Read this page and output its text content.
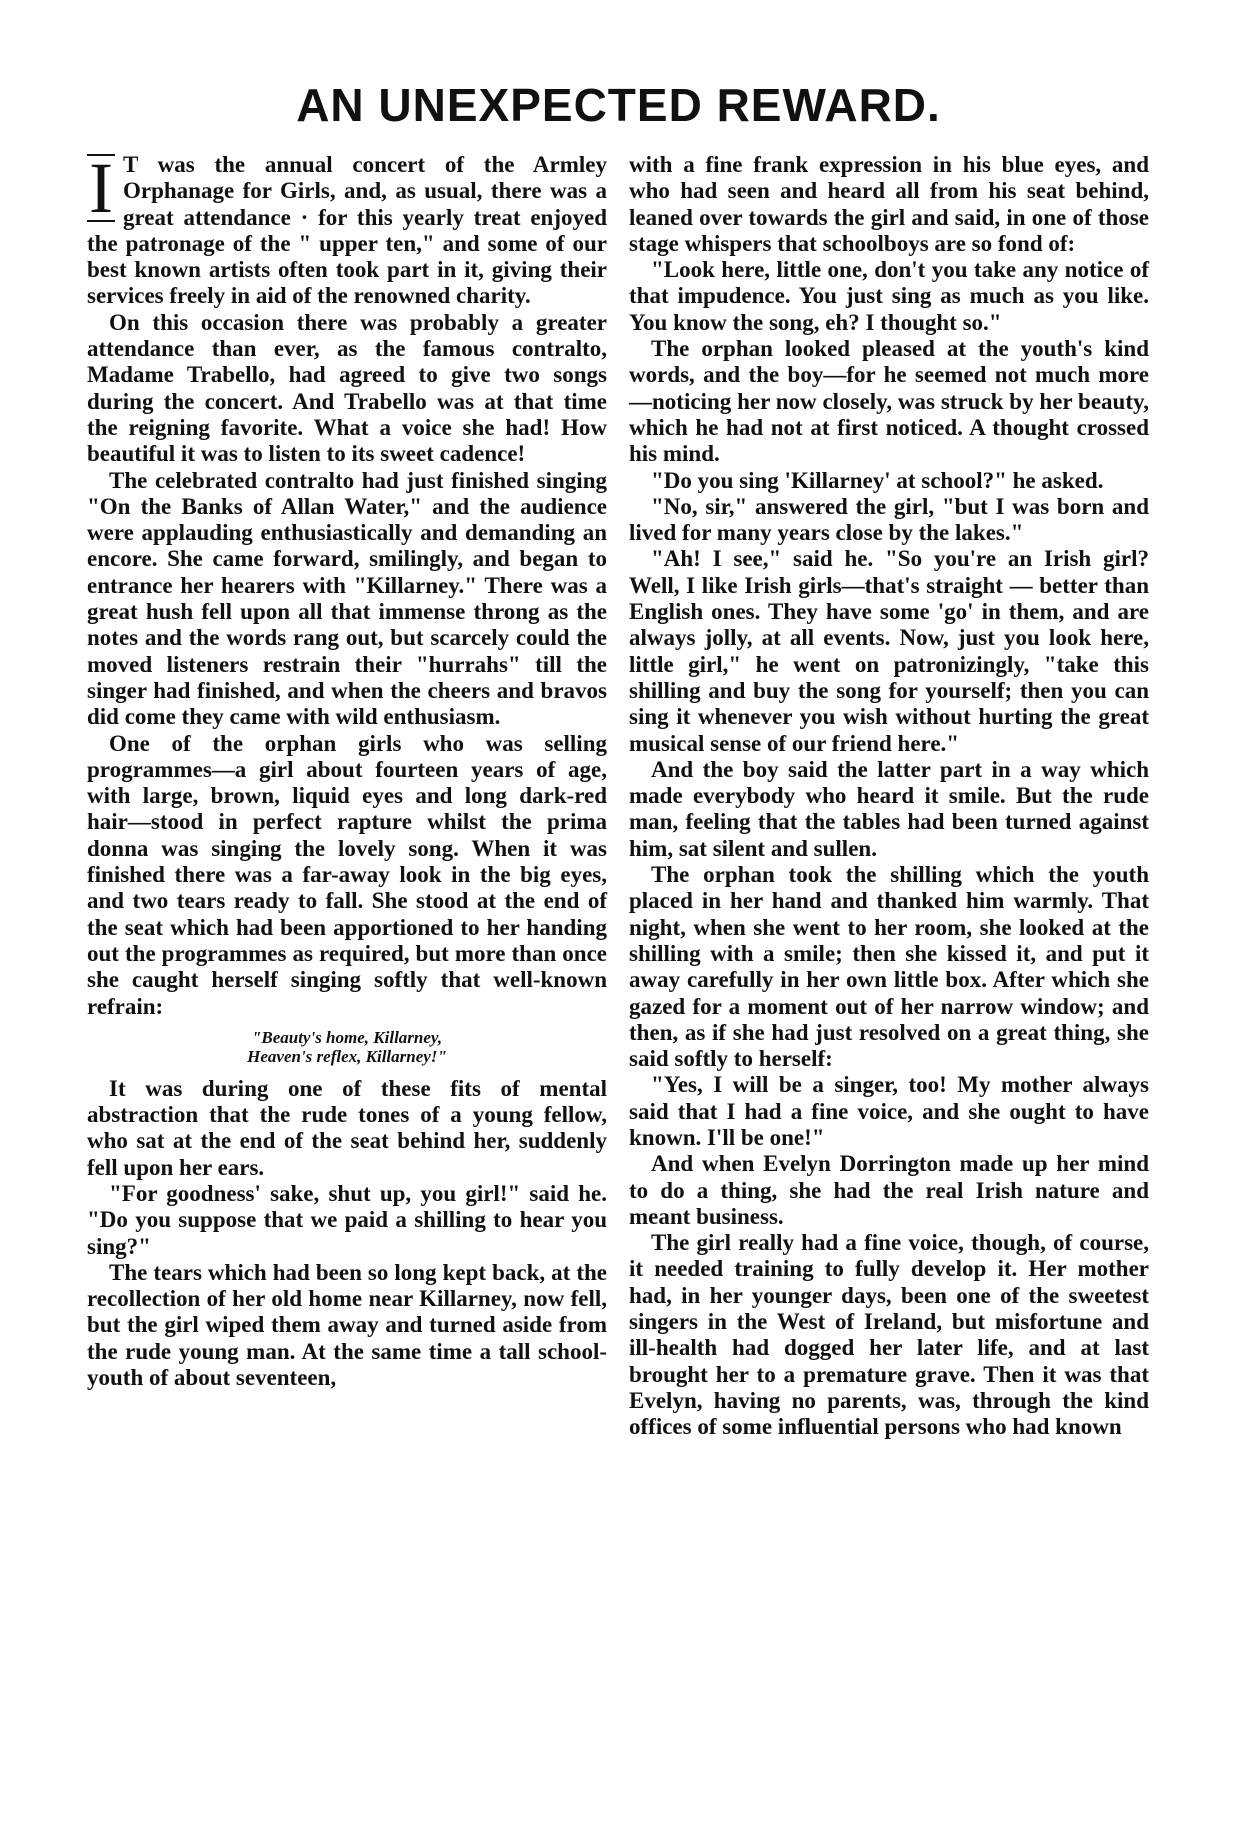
AN UNEXPECTED REWARD.

I T was the annual concert of the Armley Orphanage for Girls, and, as usual, there was a great attendance · for this yearly treat enjoyed the patronage of the " upper ten," and some of our best known artists often took part in it, giving their services freely in aid of the renowned charity.

On this occasion there was probably a greater attendance than ever, as the famous contralto, Madame Trabello, had agreed to give two songs during the concert. And Trabello was at that time the reigning favorite. What a voice she had! How beautiful it was to listen to its sweet cadence!

The celebrated contralto had just finished singing "On the Banks of Allan Water," and the audience were applauding enthusiastically and demanding an encore. She came forward, smilingly, and began to entrance her hearers with "Killarney." There was a great hush fell upon all that immense throng as the notes and the words rang out, but scarcely could the moved listeners restrain their "hurrahs" till the singer had finished, and when the cheers and bravos did come they came with wild enthusiasm.

One of the orphan girls who was selling programmes—a girl about fourteen years of age, with large, brown, liquid eyes and long dark-red hair—stood in perfect rapture whilst the prima donna was singing the lovely song. When it was finished there was a far-away look in the big eyes, and two tears ready to fall. She stood at the end of the seat which had been apportioned to her handing out the programmes as required, but more than once she caught herself singing softly that well-known refrain:

"Beauty's home, Killarney,
Heaven's reflex, Killarney!"

It was during one of these fits of mental abstraction that the rude tones of a young fellow, who sat at the end of the seat behind her, suddenly fell upon her ears.

"For goodness' sake, shut up, you girl!" said he. "Do you suppose that we paid a shilling to hear you sing?"

The tears which had been so long kept back, at the recollection of her old home near Killarney, now fell, but the girl wiped them away and turned aside from the rude young man. At the same time a tall school-youth of about seventeen,

with a fine frank expression in his blue eyes, and who had seen and heard all from his seat behind, leaned over towards the girl and said, in one of those stage whispers that schoolboys are so fond of:

"Look here, little one, don't you take any notice of that impudence. You just sing as much as you like. You know the song, eh? I thought so."

The orphan looked pleased at the youth's kind words, and the boy—for he seemed not much more—noticing her now closely, was struck by her beauty, which he had not at first noticed. A thought crossed his mind.

"Do you sing 'Killarney' at school?" he asked.

"No, sir," answered the girl, "but I was born and lived for many years close by the lakes."

"Ah! I see," said he. "So you're an Irish girl? Well, I like Irish girls—that's straight — better than English ones. They have some 'go' in them, and are always jolly, at all events. Now, just you look here, little girl," he went on patronizingly, "take this shilling and buy the song for yourself; then you can sing it whenever you wish without hurting the great musical sense of our friend here."

And the boy said the latter part in a way which made everybody who heard it smile. But the rude man, feeling that the tables had been turned against him, sat silent and sullen.

The orphan took the shilling which the youth placed in her hand and thanked him warmly. That night, when she went to her room, she looked at the shilling with a smile; then she kissed it, and put it away carefully in her own little box. After which she gazed for a moment out of her narrow window; and then, as if she had just resolved on a great thing, she said softly to herself:

"Yes, I will be a singer, too! My mother always said that I had a fine voice, and she ought to have known. I'll be one!"

And when Evelyn Dorrington made up her mind to do a thing, she had the real Irish nature and meant business.

The girl really had a fine voice, though, of course, it needed training to fully develop it. Her mother had, in her younger days, been one of the sweetest singers in the West of Ireland, but misfortune and ill-health had dogged her later life, and at last brought her to a premature grave. Then it was that Evelyn, having no parents, was, through the kind offices of some influential persons who had known
